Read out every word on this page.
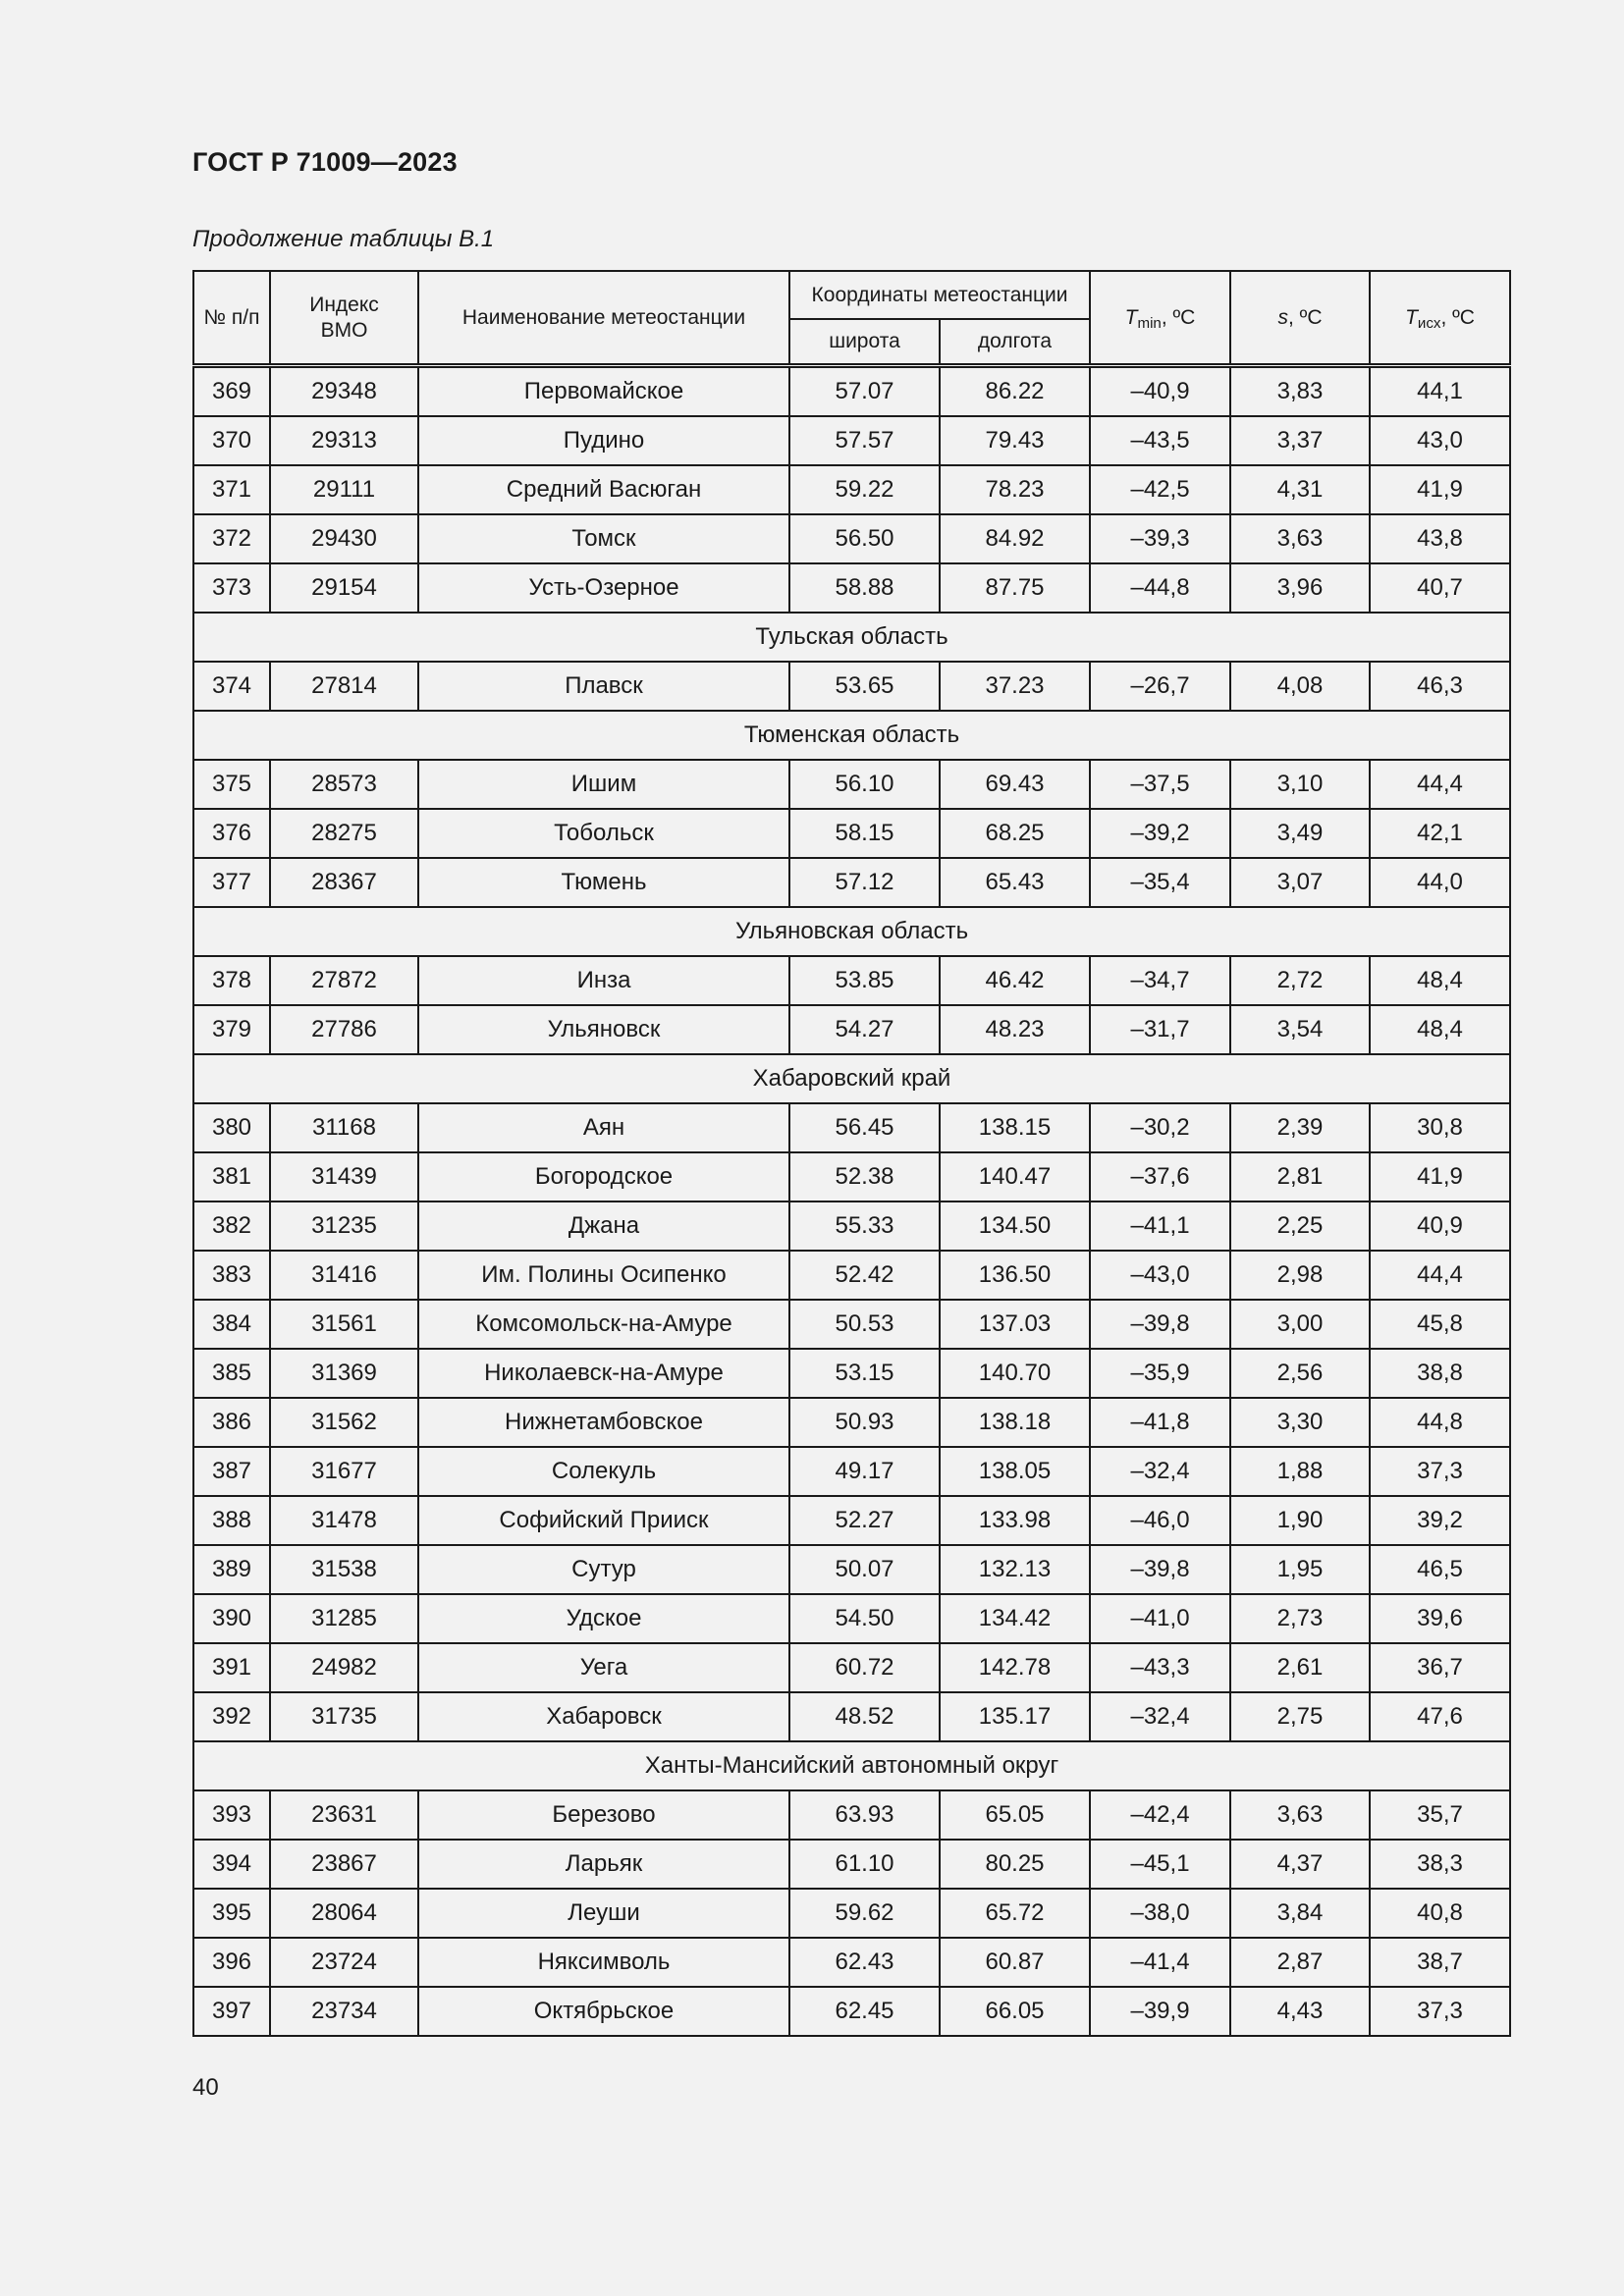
ГОСТ Р 71009—2023
Продолжение таблицы В.1
№ п/п	Индекс ВМО	Наименование метеостанции	Координаты метеостанции		$T_{min}$, ºC	s, ºC	$T_{исх}$, ºC
			широта	долгота			
369	29348	Первомайское	57.07	86.22	–40,9	3,83	44,1
370	29313	Пудино	57.57	79.43	–43,5	3,37	43,0
371	29111	Средний Васюган	59.22	78.23	–42,5	4,31	41,9
372	29430	Томск	56.50	84.92	–39,3	3,63	43,8
373	29154	Усть-Озерное	58.88	87.75	–44,8	3,96	40,7
Тульская область							
374	27814	Плавск	53.65	37.23	–26,7	4,08	46,3
Тюменская область							
375	28573	Ишим	56.10	69.43	–37,5	3,10	44,4
376	28275	Тобольск	58.15	68.25	–39,2	3,49	42,1
377	28367	Тюмень	57.12	65.43	–35,4	3,07	44,0
Ульяновская область							
378	27872	Инза	53.85	46.42	–34,7	2,72	48,4
379	27786	Ульяновск	54.27	48.23	–31,7	3,54	48,4
Хабаровский край							
380	31168	Аян	56.45	138.15	–30,2	2,39	30,8
381	31439	Богородское	52.38	140.47	–37,6	2,81	41,9
382	31235	Джана	55.33	134.50	–41,1	2,25	40,9
383	31416	Им. Полины Осипенко	52.42	136.50	–43,0	2,98	44,4
384	31561	Комсомольск-на-Амуре	50.53	137.03	–39,8	3,00	45,8
385	31369	Николаевск-на-Амуре	53.15	140.70	–35,9	2,56	38,8
386	31562	Нижнетамбовское	50.93	138.18	–41,8	3,30	44,8
387	31677	Солекуль	49.17	138.05	–32,4	1,88	37,3
388	31478	Софийский Прииск	52.27	133.98	–46,0	1,90	39,2
389	31538	Сутур	50.07	132.13	–39,8	1,95	46,5
390	31285	Удское	54.50	134.42	–41,0	2,73	39,6
391	24982	Уега	60.72	142.78	–43,3	2,61	36,7
392	31735	Хабаровск	48.52	135.17	–32,4	2,75	47,6
Ханты-Мансийский автономный округ							
393	23631	Березово	63.93	65.05	–42,4	3,63	35,7
394	23867	Ларьяк	61.10	80.25	–45,1	4,37	38,3
395	28064	Леуши	59.62	65.72	–38,0	3,84	40,8
396	23724	Няксимволь	62.43	60.87	–41,4	2,87	38,7
397	23734	Октябрьское	62.45	66.05	–39,9	4,43	37,3
40
